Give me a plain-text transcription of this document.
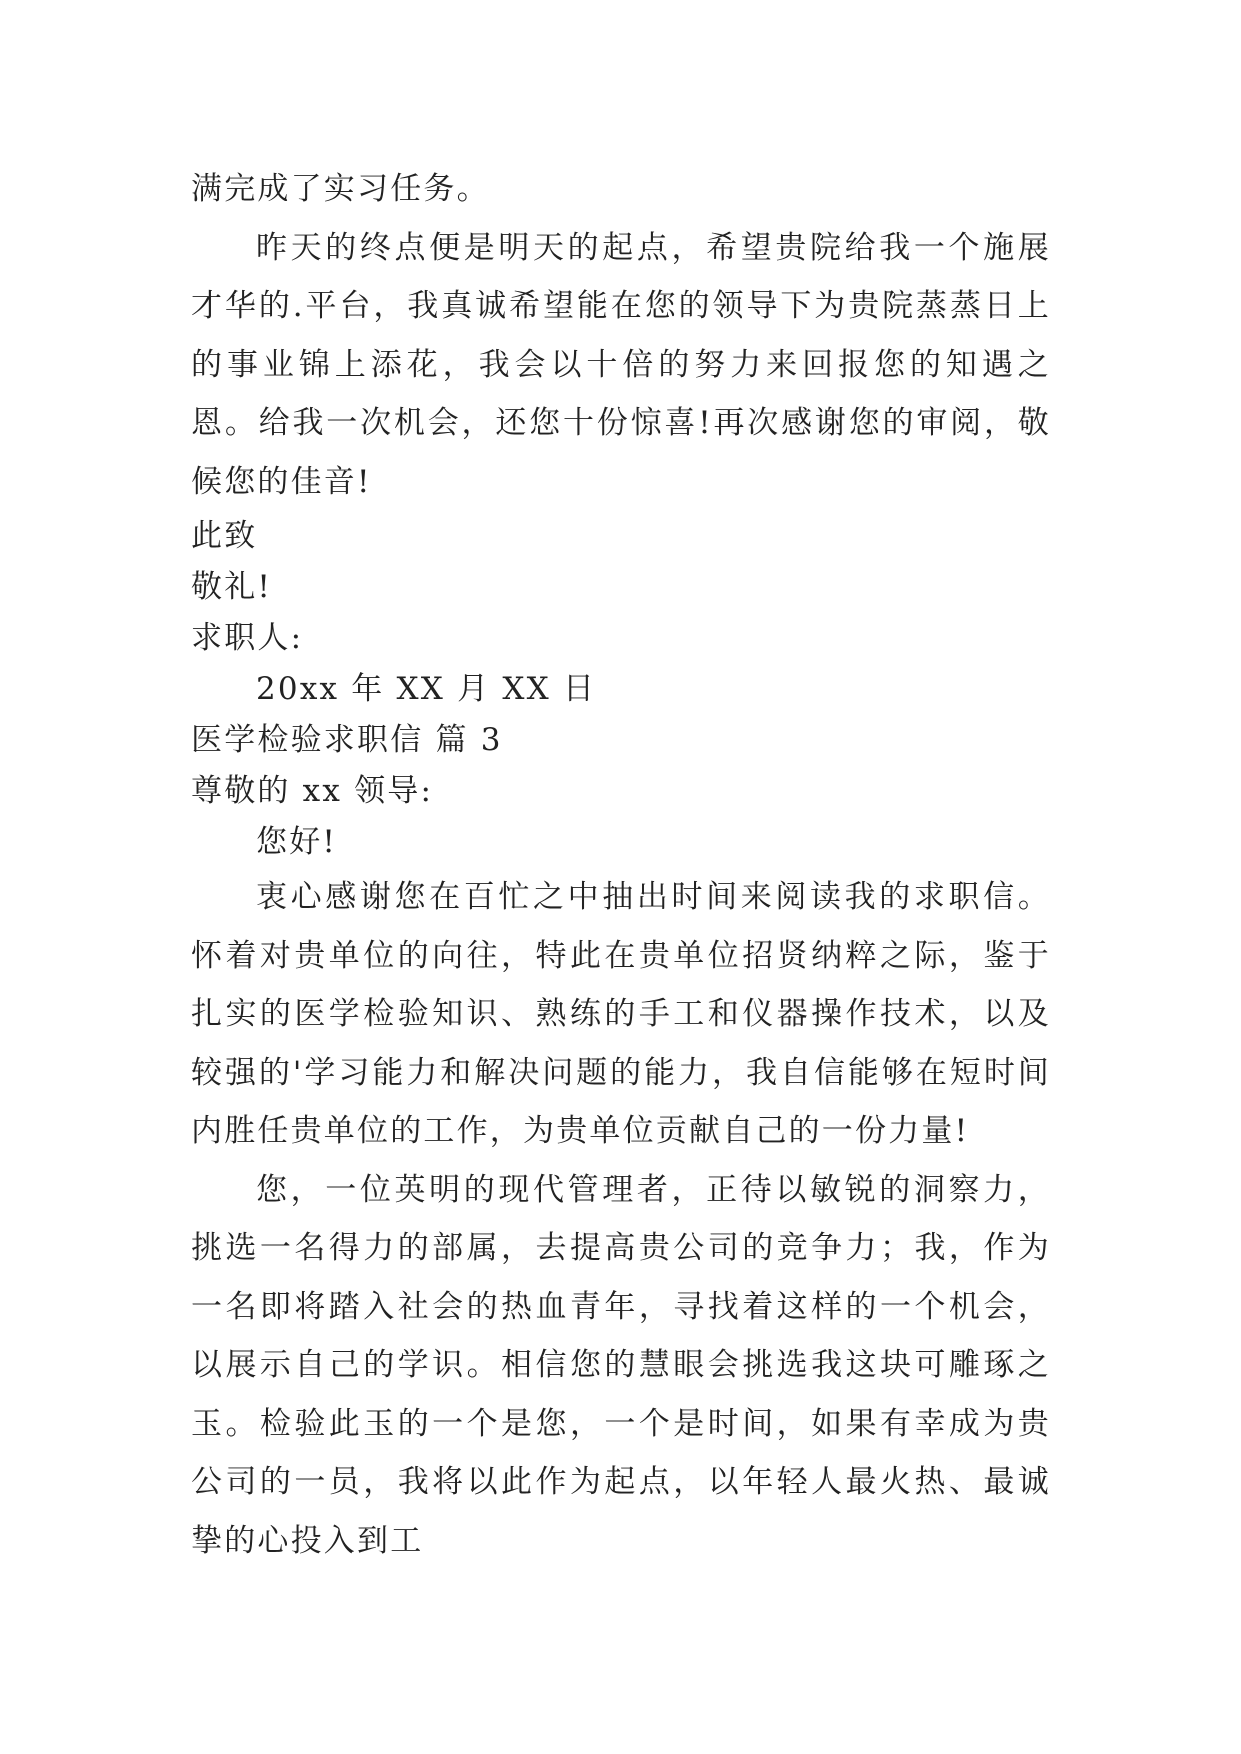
满完成了实习任务。

昨天的终点便是明天的起点，希望贵院给我一个施展才华的.平台，我真诚希望能在您的领导下为贵院蒸蒸日上的事业锦上添花，我会以十倍的努力来回报您的知遇之恩。给我一次机会，还您十份惊喜!再次感谢您的审阅，敬候您的佳音!

此致

敬礼!

求职人:

20xx 年 XX 月 XX 日

医学检验求职信 篇 3

尊敬的 xx 领导:

您好!

衷心感谢您在百忙之中抽出时间来阅读我的求职信。怀着对贵单位的向往，特此在贵单位招贤纳粹之际，鉴于扎实的医学检验知识、熟练的手工和仪器操作技术，以及较强的'学习能力和解决问题的能力，我自信能够在短时间内胜任贵单位的工作，为贵单位贡献自己的一份力量!

您，一位英明的现代管理者，正待以敏锐的洞察力，挑选一名得力的部属，去提高贵公司的竞争力；我，作为一名即将踏入社会的热血青年，寻找着这样的一个机会，以展示自己的学识。相信您的慧眼会挑选我这块可雕琢之玉。检验此玉的一个是您，一个是时间，如果有幸成为贵公司的一员，我将以此作为起点，以年轻人最火热、最诚挚的心投入到工
